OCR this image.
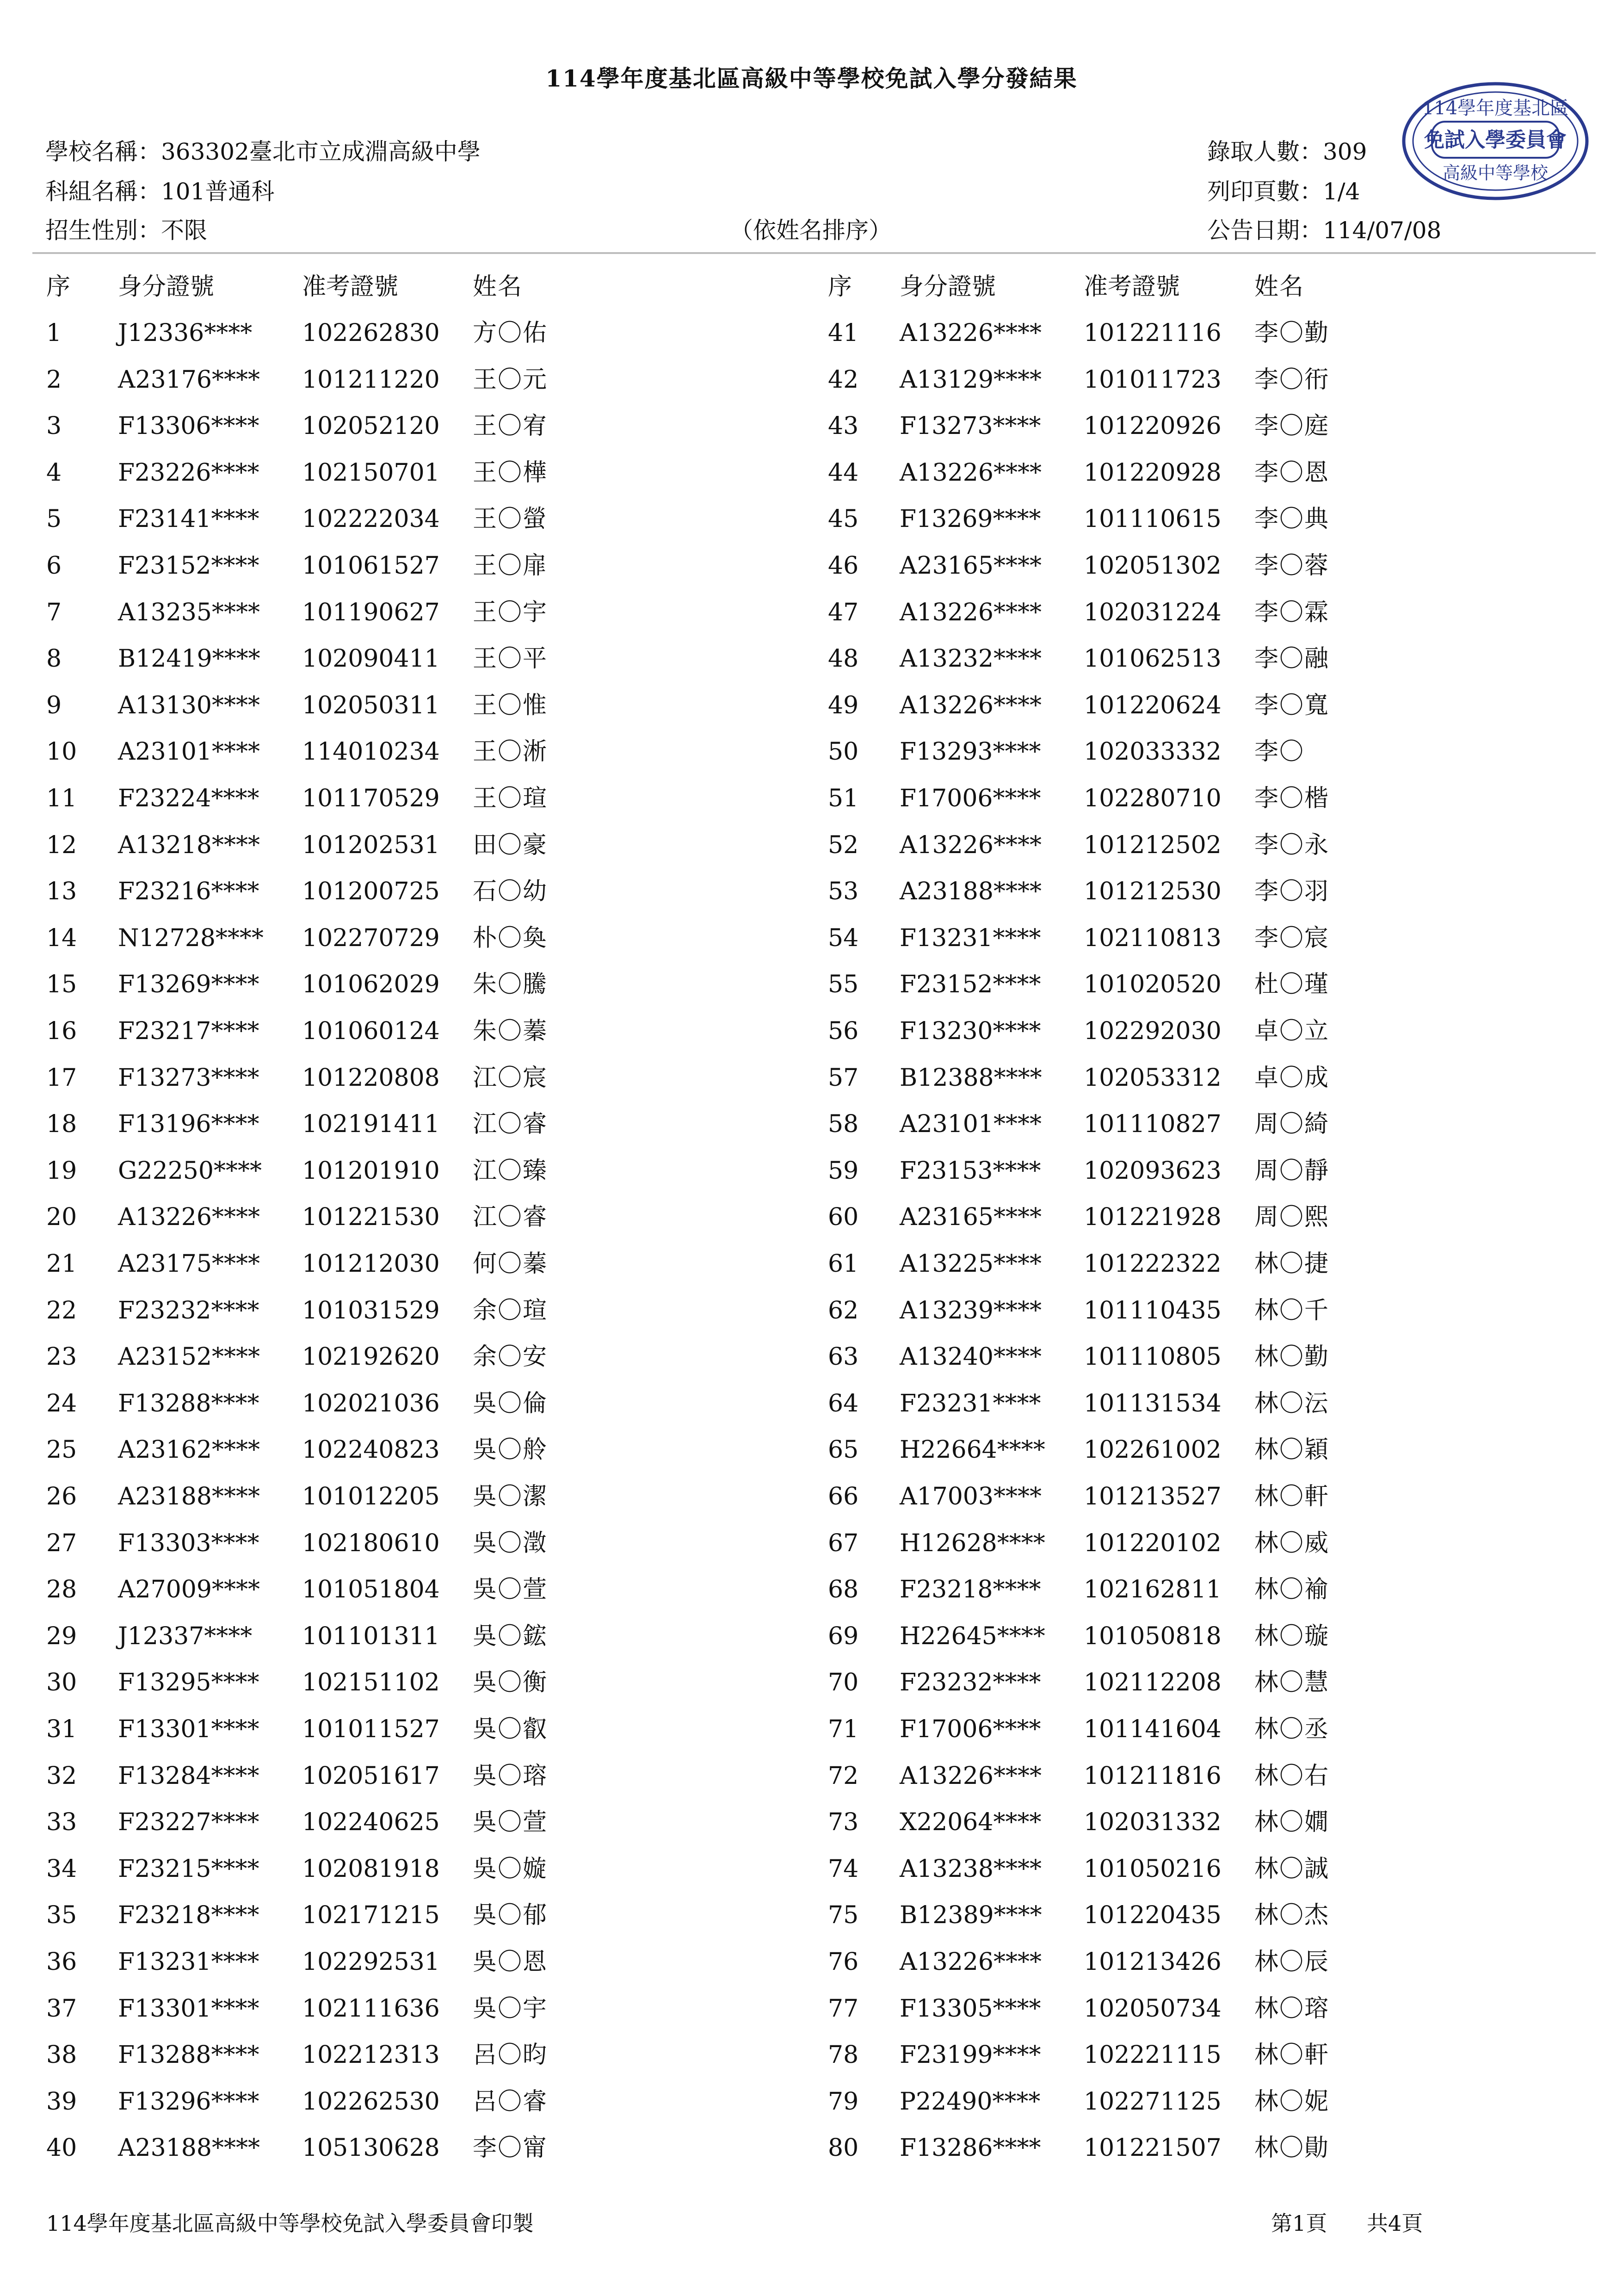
114學年度基北區高級中等學校免試入學分發結果
114學年度基北區
免試入學委員會
高級中等學校
學校名稱：363302臺北市立成淵高級中學
科組名稱：101普通科
招生性別：不限	（依姓名排序）
錄取人數：309
列印頁數：1/4
公告日期：114/07/08
序 身分證號	准考證號	姓名	序 身分證號	准考證號	姓名
1 J12336**** 102262830 方〇佑
2 A23176**** 101211220 王〇元
3 F13306**** 102052120 王〇宥
4 F23226**** 102150701 王〇樺
5 F23141**** 102222034 王〇螢
6 F23152**** 101061527 王〇扉
7 A13235**** 101190627 王〇宇
8 B12419**** 102090411 王〇平
9 A13130**** 102050311 王〇惟
10 A23101**** 114010234 王〇淅
11 F23224**** 101170529 王〇瑄
12 A13218**** 101202531 田〇豪
13 F23216**** 101200725 石〇幼
14 N12728**** 102270729 朴〇奐
15 F13269**** 101062029 朱〇騰
16 F23217**** 101060124 朱〇蓁
17 F13273**** 101220808 江〇宸
18 F13196**** 102191411 江〇睿
19 G22250**** 101201910 江〇臻
20 A13226**** 101221530 江〇睿
21 A23175**** 101212030 何〇蓁
22 F23232**** 101031529 余〇瑄
23 A23152**** 102192620 余〇安
24 F13288**** 102021036 吳〇倫
25 A23162**** 102240823 吳〇舲
26 A23188**** 101012205 吳〇潔
27 F13303**** 102180610 吳〇澂
28 A27009**** 101051804 吳〇萱
29 J12337**** 101101311 吳〇鋐
30 F13295**** 102151102 吳〇衡
31 F13301**** 101011527 吳〇叡
32 F13284**** 102051617 吳〇瑢
33 F23227**** 102240625 吳〇萱
34 F23215**** 102081918 吳〇嫙
35 F23218**** 102171215 吳〇郁
36 F13231**** 102292531 吳〇恩
37 F13301**** 102111636 吳〇宇
38 F13288**** 102212313 呂〇昀
39 F13296**** 102262530 呂〇睿
40 A23188**** 105130628 李〇甯
41 A13226**** 101221116 李〇勤
42 A13129**** 101011723 李〇衎
43 F13273**** 101220926 李〇庭
44 A13226**** 101220928 李〇恩
45 F13269**** 101110615 李〇典
46 A23165**** 102051302 李〇蓉
47 A13226**** 102031224 李〇霖
48 A13232**** 101062513 李〇融
49 A13226**** 101220624 李〇寬
50 F13293**** 102033332 李〇
51 F17006**** 102280710 李〇楷
52 A13226**** 101212502 李〇永
53 A23188**** 101212530 李〇羽
54 F13231**** 102110813 李〇宸
55 F23152**** 101020520 杜〇瑾
56 F13230**** 102292030 卓〇立
57 B12388**** 102053312 卓〇成
58 A23101**** 101110827 周〇綺
59 F23153**** 102093623 周〇靜
60 A23165**** 101221928 周〇熙
61 A13225**** 101222322 林〇捷
62 A13239**** 101110435 林〇千
63 A13240**** 101110805 林〇勤
64 F23231**** 101131534 林〇沄
65 H22664**** 102261002 林〇穎
66 A17003**** 101213527 林〇軒
67 H12628**** 101220102 林〇威
68 F23218**** 102162811 林〇褕
69 H22645**** 101050818 林〇璇
70 F23232**** 102112208 林〇慧
71 F17006**** 101141604 林〇丞
72 A13226**** 101211816 林〇右
73 X22064**** 102031332 林〇嫺
74 A13238**** 101050216 林〇誠
75 B12389**** 101220435 林〇杰
76 A13226**** 101213426 林〇辰
77 F13305**** 102050734 林〇瑢
78 F23199**** 102221115 林〇軒
79 P22490**** 102271125 林〇妮
80 F13286**** 101221507 林〇勛
114學年度基北區高級中等學校免試入學委員會印製	第1頁 共4頁
